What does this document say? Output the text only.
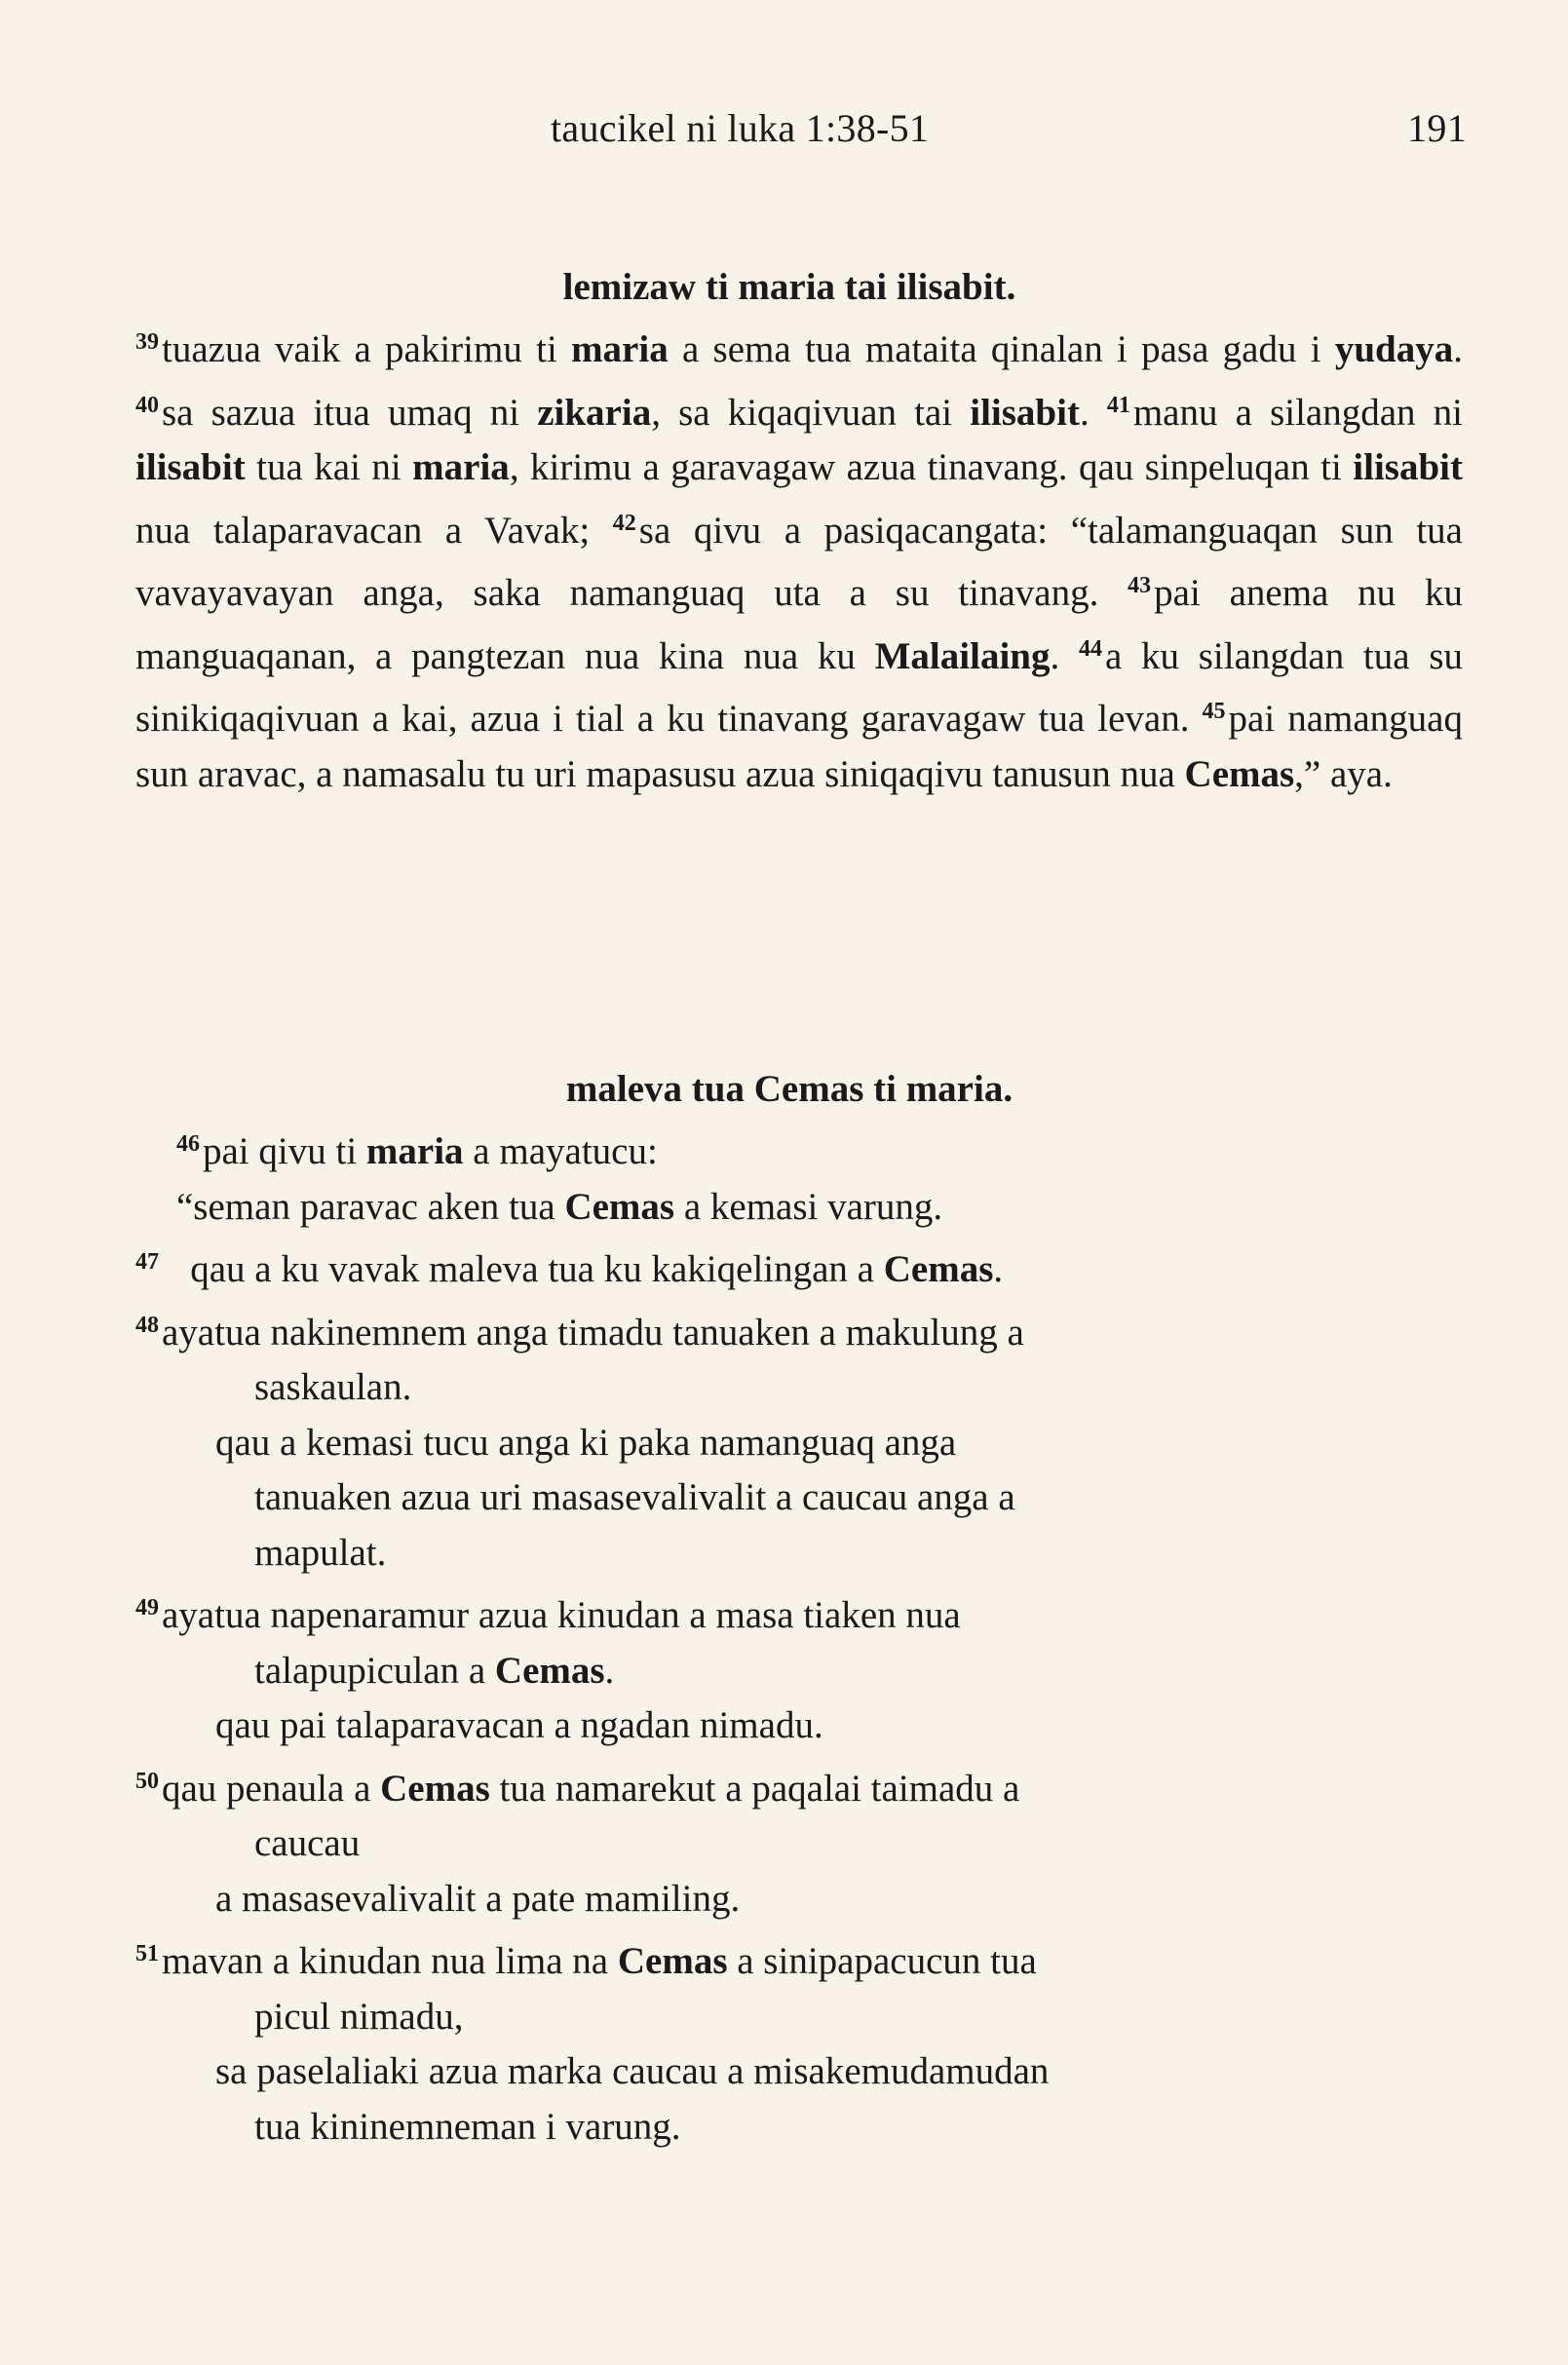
taucikel ni luka 1:38-51	191
lemizaw ti maria tai ilisabit.
$^{39}$tuazua vaik a pakirimu ti maria a sema tua mataita qinalan i pasa gadu i yudaya. $^{40}$sa sazua itua umaq ni zikaria, sa kiqaqivuan tai ilisabit. $^{41}$manu a silangdan ni ilisabit tua kai ni maria, kirimu a garavagaw azua tinavang. qau sinpeluqan ti ilisabit nua talaparavacan a Vavak; $^{42}$sa qivu a pasiqacangata: “talamanguaqan sun tua vavayavayan anga, saka namanguaq uta a su tinavang. $^{43}$pai anema nu ku manguaqanan, a pangtezan nua kina nua ku Malailaing. $^{44}$a ku silangdan tua su sinikiqaqivuan a kai, azua i tial a ku tinavang garavagaw tua levan. $^{45}$pai namanguaq sun aravac, a namasalu tu uri mapasusu azua siniqaqivu tanusun nua Cemas,” aya.
maleva tua Cemas ti maria.
$^{46}$pai qivu ti maria a mayatucu:
“seman paravac aken tua Cemas a kemasi varung.
$^{47}$   qau a ku vavak maleva tua ku kakiqelingan a Cemas.
$^{48}$ayatua nakinemnem anga timadu tanuaken a makulung a
saskaulan.
qau a kemasi tucu anga ki paka namanguaq anga
tanuaken azua uri masasevalivalit a caucau anga a
mapulat.
$^{49}$ayatua napenaramur azua kinudan a masa tiaken nua
talapupiculan a Cemas.
qau pai talaparavacan a ngadan nimadu.
$^{50}$qau penaula a Cemas tua namarekut a paqalai taimadu a
caucau
a masasevalivalit a pate mamiling.
$^{51}$mavan a kinudan nua lima na Cemas a sinipapacucun tua
picul nimadu,
sa paselaliaki azua marka caucau a misakemudamudan
tua kininemneman i varung.
